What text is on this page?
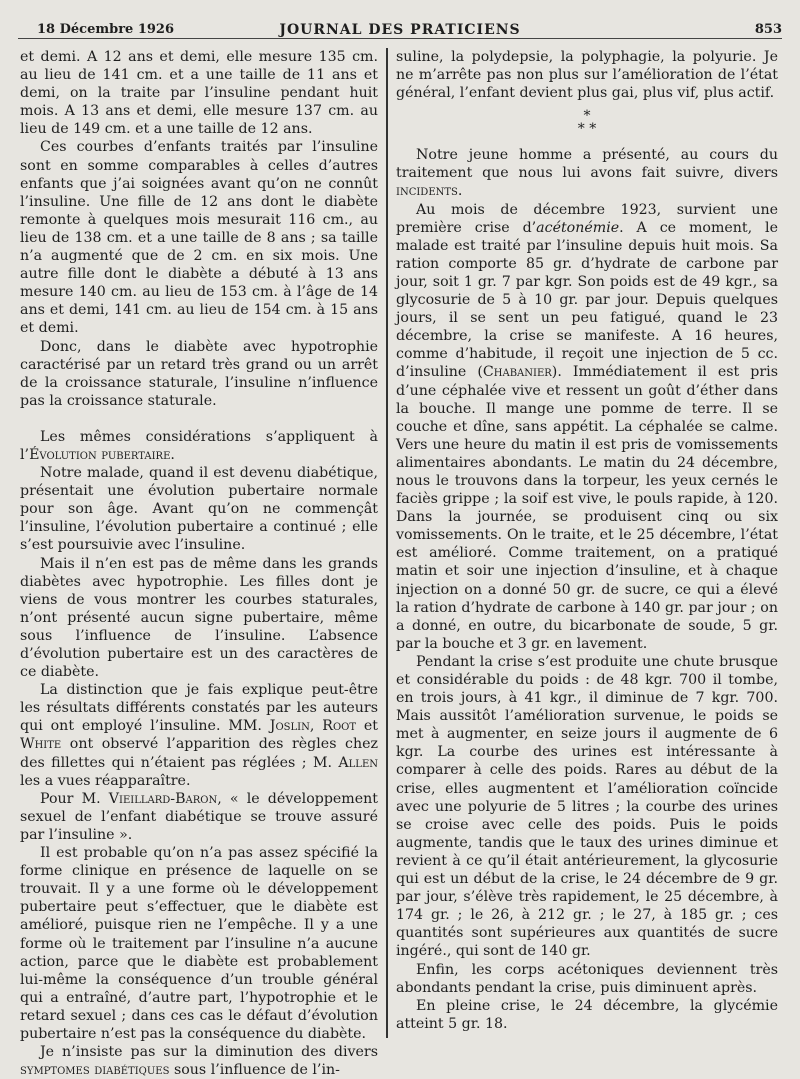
18 Décembre 1926	JOURNAL DES PRATICIENS	853

et demi. A 12 ans et demi, elle mesure 135 cm. au lieu de 141 cm. et a une taille de 11 ans et demi, on la traite par l’insuline pendant huit mois. A 13 ans et demi, elle mesure 137 cm. au lieu de 149 cm. et a une taille de 12 ans.

Ces courbes d’enfants traités par l’insuline sont en somme comparables à celles d’autres enfants que j’ai soignées avant qu’on ne connût l’insuline. Une fille de 12 ans dont le diabète remonte à quelques mois mesurait 116 cm., au lieu de 138 cm. et a une taille de 8 ans ; sa taille n’a augmenté que de 2 cm. en six mois. Une autre fille dont le diabète a débuté à 13 ans mesure 140 cm. au lieu de 153 cm. à l’âge de 14 ans et demi, 141 cm. au lieu de 154 cm. à 15 ans et demi.

Donc, dans le diabète avec hypotrophie caractérisé par un retard très grand ou un arrêt de la croissance staturale, l’insuline n’influence pas la croissance staturale.

Les mêmes considérations s’appliquent à l’Évolution pubertaire.

Notre malade, quand il est devenu diabétique, présentait une évolution pubertaire normale pour son âge. Avant qu’on ne commençât l’insuline, l’évolution pubertaire a continué ; elle s’est poursuivie avec l’insuline.

Mais il n’en est pas de même dans les grands diabètes avec hypotrophie. Les filles dont je viens de vous montrer les courbes staturales, n’ont présenté aucun signe pubertaire, même sous l’influence de l’insuline. L’absence d’évolution pubertaire est un des caractères de ce diabète.

La distinction que je fais explique peut-être les résultats différents constatés par les auteurs qui ont employé l’insuline. MM. Joslin, Root et White ont observé l’apparition des règles chez des fillettes qui n’étaient pas réglées ; M. Allen les a vues réapparaître.

Pour M. Vieillard-Baron, « le développement sexuel de l’enfant diabétique se trouve assuré par l’insuline ».

Il est probable qu’on n’a pas assez spécifié la forme clinique en présence de laquelle on se trouvait. Il y a une forme où le développement pubertaire peut s’effectuer, que le diabète est amélioré, puisque rien ne l’empêche. Il y a une forme où le traitement par l’insuline n’a aucune action, parce que le diabète est probablement lui-même la conséquence d’un trouble général qui a entraîné, d’autre part, l’hypotrophie et le retard sexuel ; dans ces cas le défaut d’évolution pubertaire n’est pas la conséquence du diabète.

Je n’insiste pas sur la diminution des divers symptomes diabétiques sous l’influence de l’in-

suline, la polydepsie, la polyphagie, la polyurie. Je ne m’arrête pas non plus sur l’amélioration de l’état général, l’enfant devient plus gai, plus vif, plus actif.

*
* *

Notre jeune homme a présenté, au cours du traitement que nous lui avons fait suivre, divers incidents.

Au mois de décembre 1923, survient une première crise d’acétonémie. A ce moment, le malade est traité par l’insuline depuis huit mois. Sa ration comporte 85 gr. d’hydrate de carbone par jour, soit 1 gr. 7 par kgr. Son poids est de 49 kgr., sa glycosurie de 5 à 10 gr. par jour. Depuis quelques jours, il se sent un peu fatigué, quand le 23 décembre, la crise se manifeste. A 16 heures, comme d’habitude, il reçoit une injection de 5 cc. d’insuline (Chabanier). Immédiatement il est pris d’une céphalée vive et ressent un goût d’éther dans la bouche. Il mange une pomme de terre. Il se couche et dîne, sans appétit. La céphalée se calme. Vers une heure du matin il est pris de vomissements alimentaires abondants. Le matin du 24 décembre, nous le trouvons dans la torpeur, les yeux cernés le faciès grippe ; la soif est vive, le pouls rapide, à 120. Dans la journée, se produisent cinq ou six vomissements. On le traite, et le 25 décembre, l’état est amélioré. Comme traitement, on a pratiqué matin et soir une injection d’insuline, et à chaque injection on a donné 50 gr. de sucre, ce qui a élevé la ration d’hydrate de carbone à 140 gr. par jour ; on a donné, en outre, du bicarbonate de soude, 5 gr. par la bouche et 3 gr. en lavement.

Pendant la crise s’est produite une chute brusque et considérable du poids : de 48 kgr. 700 il tombe, en trois jours, à 41 kgr., il diminue de 7 kgr. 700. Mais aussitôt l’amélioration survenue, le poids se met à augmenter, en seize jours il augmente de 6 kgr. La courbe des urines est intéressante à comparer à celle des poids. Rares au début de la crise, elles augmentent et l’amélioration coïncide avec une polyurie de 5 litres ; la courbe des urines se croise avec celle des poids. Puis le poids augmente, tandis que le taux des urines diminue et revient à ce qu’il était antérieurement, la glycosurie qui est un début de la crise, le 24 décembre de 9 gr. par jour, s’élève très rapidement, le 25 décembre, à 174 gr. ; le 26, à 212 gr. ; le 27, à 185 gr. ; ces quantités sont supérieures aux quantités de sucre ingéré., qui sont de 140 gr.

Enfin, les corps acétoniques deviennent très abondants pendant la crise, puis diminuent après.

En pleine crise, le 24 décembre, la glycémie atteint 5 gr. 18.
